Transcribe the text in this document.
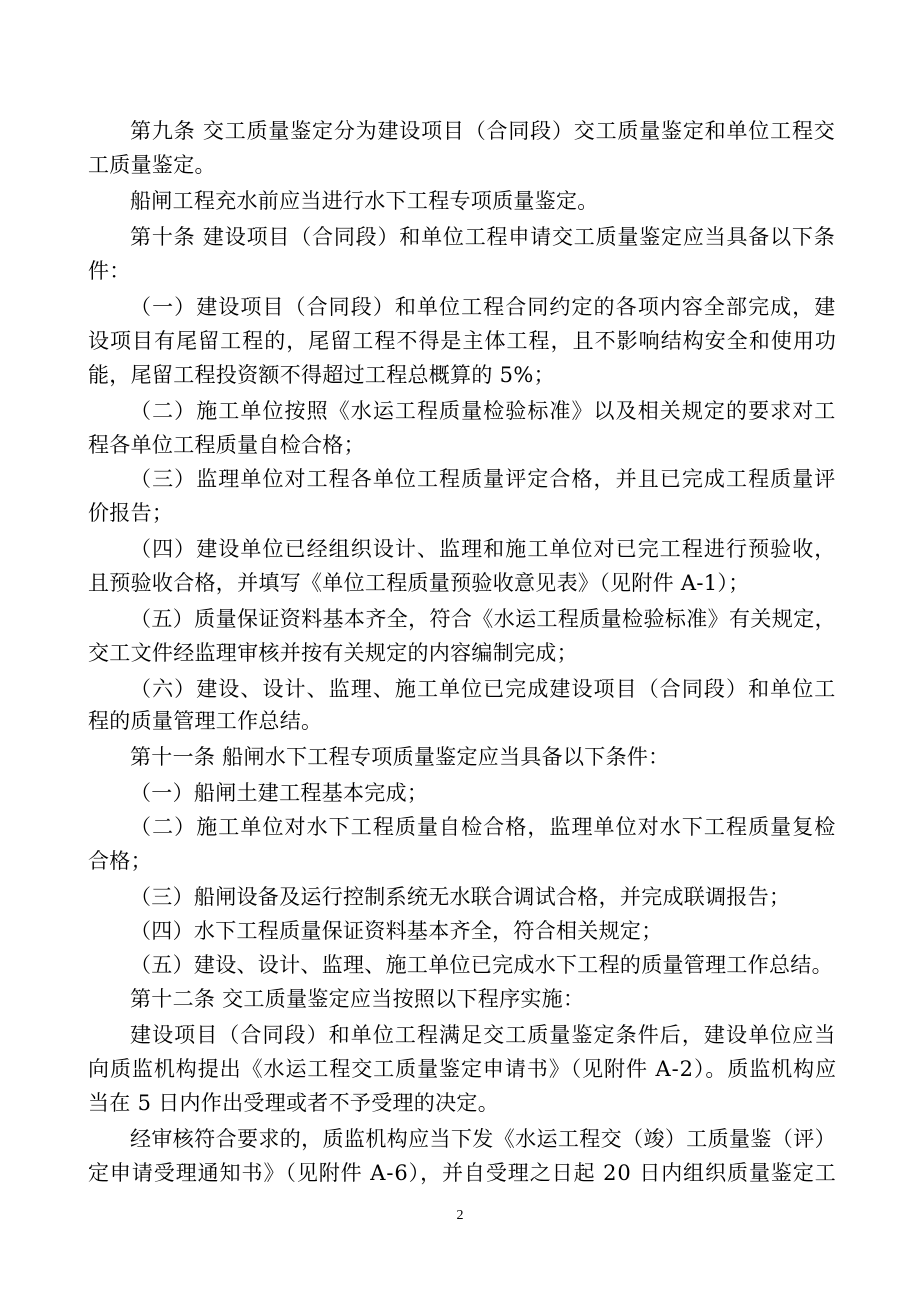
第九条 交工质量鉴定分为建设项目（合同段）交工质量鉴定和单位工程交
工质量鉴定。
船闸工程充水前应当进行水下工程专项质量鉴定。
第十条 建设项目（合同段）和单位工程申请交工质量鉴定应当具备以下条
件：
（一）建设项目（合同段）和单位工程合同约定的各项内容全部完成，建
设项目有尾留工程的，尾留工程不得是主体工程，且不影响结构安全和使用功
能，尾留工程投资额不得超过工程总概算的 5%；
（二）施工单位按照《水运工程质量检验标准》以及相关规定的要求对工
程各单位工程质量自检合格；
（三）监理单位对工程各单位工程质量评定合格，并且已完成工程质量评
价报告；
（四）建设单位已经组织设计、监理和施工单位对已完工程进行预验收，
且预验收合格，并填写《单位工程质量预验收意见表》（见附件 A-1）；
（五）质量保证资料基本齐全，符合《水运工程质量检验标准》有关规定，
交工文件经监理审核并按有关规定的内容编制完成；
（六）建设、设计、监理、施工单位已完成建设项目（合同段）和单位工
程的质量管理工作总结。
第十一条 船闸水下工程专项质量鉴定应当具备以下条件：
（一）船闸土建工程基本完成；
（二）施工单位对水下工程质量自检合格，监理单位对水下工程质量复检
合格；
（三）船闸设备及运行控制系统无水联合调试合格，并完成联调报告；
（四）水下工程质量保证资料基本齐全，符合相关规定；
（五）建设、设计、监理、施工单位已完成水下工程的质量管理工作总结。
第十二条 交工质量鉴定应当按照以下程序实施：
建设项目（合同段）和单位工程满足交工质量鉴定条件后，建设单位应当
向质监机构提出《水运工程交工质量鉴定申请书》（见附件 A-2）。质监机构应
当在 5 日内作出受理或者不予受理的决定。
经审核符合要求的，质监机构应当下发《水运工程交（竣）工质量鉴（评）
定申请受理通知书》（见附件 A-6），并自受理之日起 20 日内组织质量鉴定工
2
